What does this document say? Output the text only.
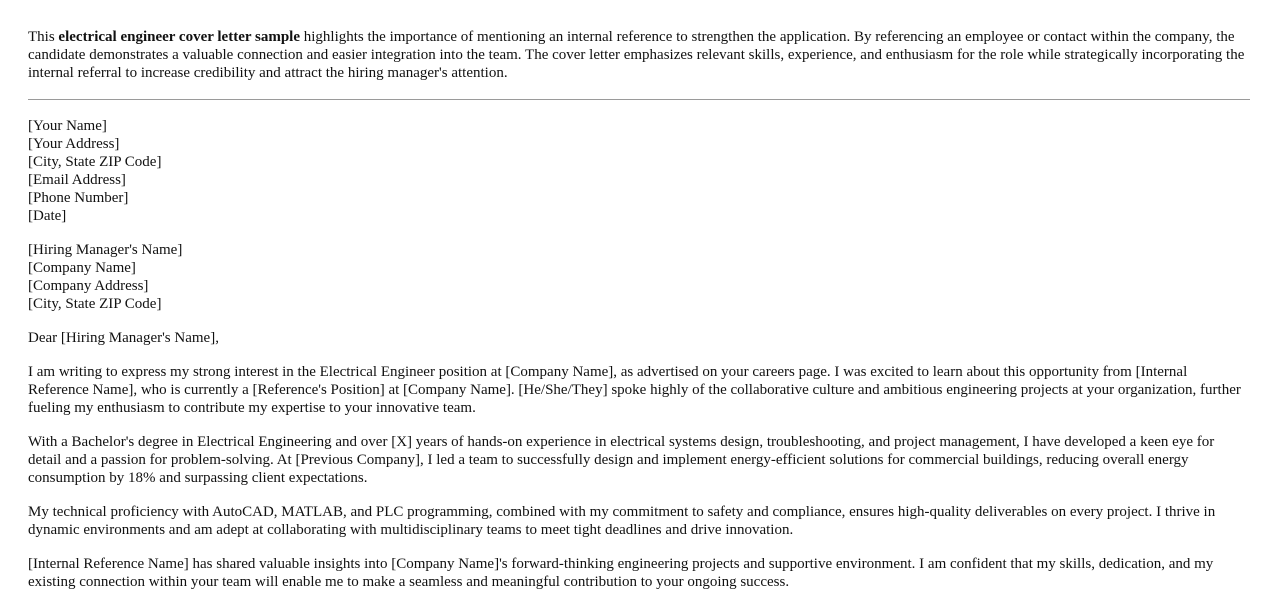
This electrical engineer cover letter sample highlights the importance of mentioning an internal reference to strengthen the application. By referencing an employee or contact within the company, the candidate demonstrates a valuable connection and easier integration into the team. The cover letter emphasizes relevant skills, experience, and enthusiasm for the role while strategically incorporating the internal referral to increase credibility and attract the hiring manager's attention.

[Your Name]
[Your Address]
[City, State ZIP Code]
[Email Address]
[Phone Number]
[Date]
[Hiring Manager's Name]
[Company Name]
[Company Address]
[City, State ZIP Code]

Dear [Hiring Manager's Name],

I am writing to express my strong interest in the Electrical Engineer position at [Company Name], as advertised on your careers page. I was excited to learn about this opportunity from [Internal Reference Name], who is currently a [Reference's Position] at [Company Name]. [He/She/They] spoke highly of the collaborative culture and ambitious engineering projects at your organization, further fueling my enthusiasm to contribute my expertise to your innovative team.

With a Bachelor's degree in Electrical Engineering and over [X] years of hands-on experience in electrical systems design, troubleshooting, and project management, I have developed a keen eye for detail and a passion for problem-solving. At [Previous Company], I led a team to successfully design and implement energy-efficient solutions for commercial buildings, reducing overall energy consumption by 18% and surpassing client expectations.

My technical proficiency with AutoCAD, MATLAB, and PLC programming, combined with my commitment to safety and compliance, ensures high-quality deliverables on every project. I thrive in dynamic environments and am adept at collaborating with multidisciplinary teams to meet tight deadlines and drive innovation.

[Internal Reference Name] has shared valuable insights into [Company Name]'s forward-thinking engineering projects and supportive environment. I am confident that my skills, dedication, and my existing connection within your team will enable me to make a seamless and meaningful contribution to your ongoing success.
